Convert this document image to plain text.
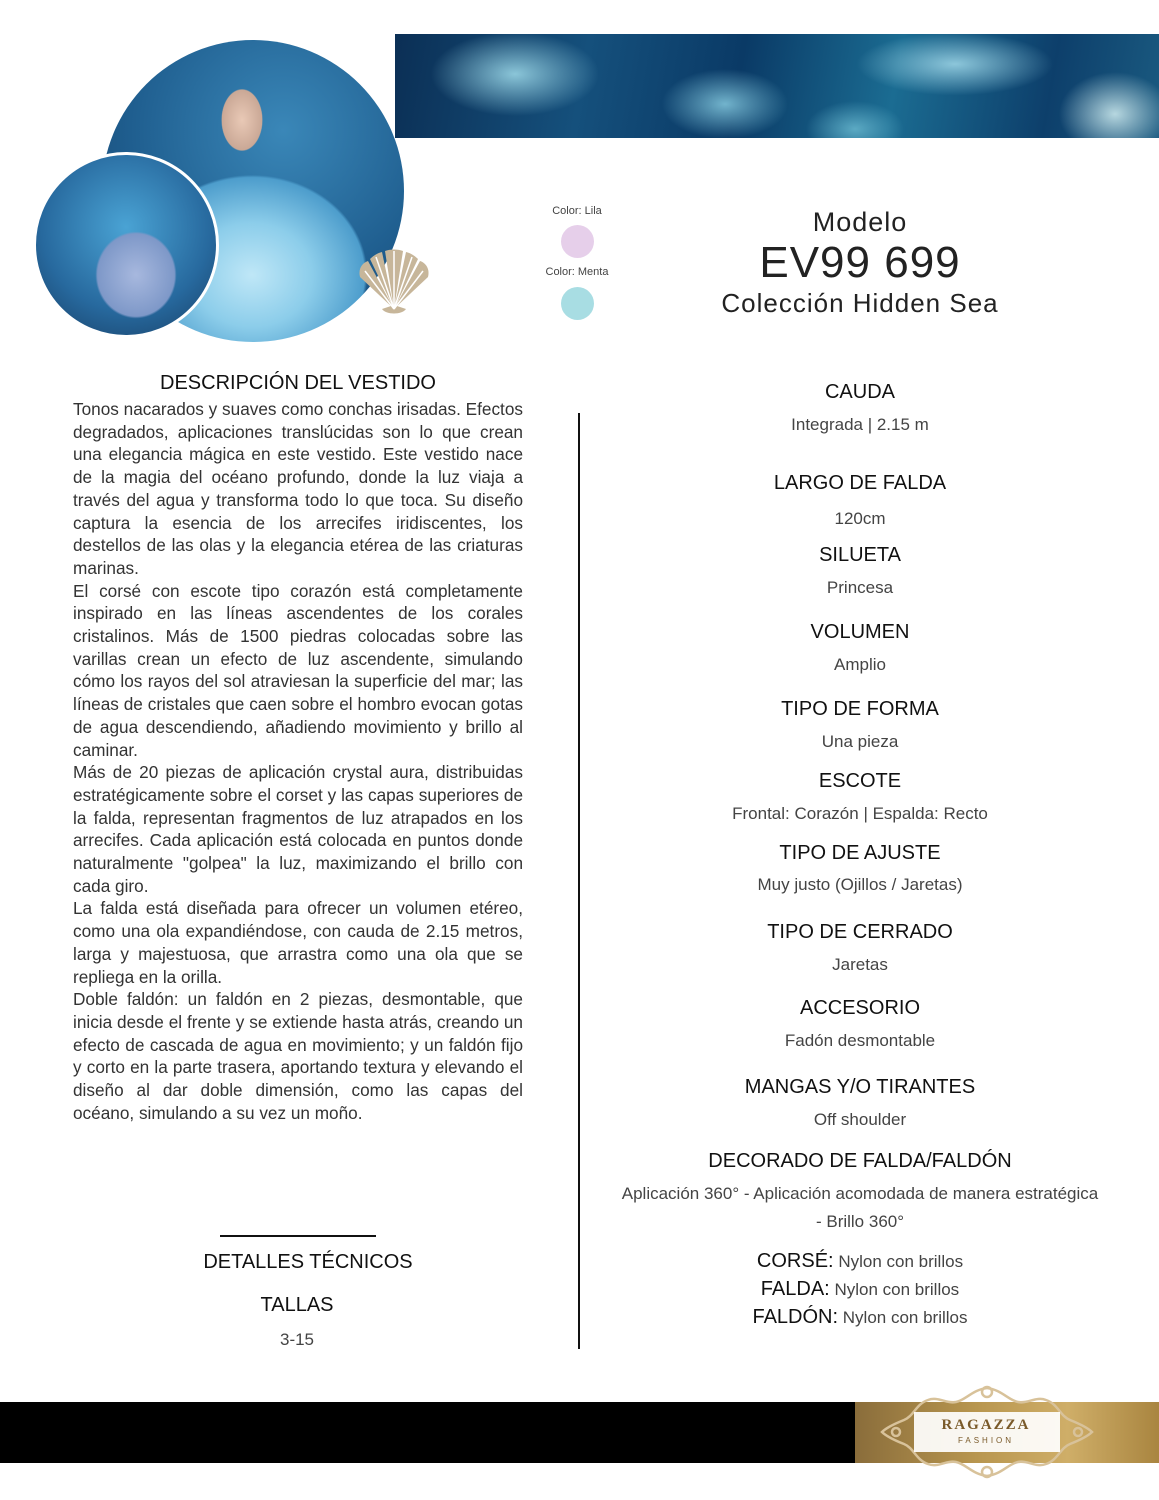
Color: Lila
Color: Menta
Modelo
EV99 699
Colección Hidden Sea
DESCRIPCIÓN DEL VESTIDO

Tonos nacarados y suaves como conchas irisadas. Efectos degradados, aplicaciones translúcidas son lo que crean una elegancia mágica en este vestido. Este vestido nace de la magia del océano profundo, donde la luz viaja a través del agua y transforma todo lo que toca. Su diseño captura la esencia de los arrecifes iridiscentes, los destellos de las olas y la elegancia etérea de las criaturas marinas.

El corsé con escote tipo corazón está completamente inspirado en las líneas ascendentes de los corales cristalinos. Más de 1500 piedras colocadas sobre las varillas crean un efecto de luz ascendente, simulando cómo los rayos del sol atraviesan la superficie del mar; las líneas de cristales que caen sobre el hombro evocan gotas de agua descendiendo, añadiendo movimiento y brillo al caminar.

Más de 20 piezas de aplicación crystal aura, distribuidas estratégicamente sobre el corset y las capas superiores de la falda, representan fragmentos de luz atrapados en los arrecifes. Cada aplicación está colocada en puntos donde naturalmente "golpea" la luz, maximizando el brillo con cada giro.

La falda está diseñada para ofrecer un volumen etéreo, como una ola expandiéndose, con cauda de 2.15 metros, larga y majestuosa, que arrastra como una ola que se repliega en la orilla.

Doble faldón: un faldón en 2 piezas, desmontable, que inicia desde el frente y se extiende hasta atrás, creando un efecto de cascada de agua en movimiento; y un faldón fijo y corto en la parte trasera, aportando textura y elevando el diseño al dar doble dimensión, como las capas del océano, simulando a su vez un moño.

DETALLES TÉCNICOS
TALLAS
3-15
CAUDA
Integrada | 2.15 m
LARGO DE FALDA
120cm
SILUETA
Princesa
VOLUMEN
Amplio
TIPO DE FORMA
Una pieza
ESCOTE
Frontal: Corazón | Espalda: Recto
TIPO DE AJUSTE
Muy justo (Ojillos / Jaretas)
TIPO DE CERRADO
Jaretas
ACCESORIO
Fadón desmontable
MANGAS Y/O TIRANTES
Off shoulder
DECORADO DE FALDA/FALDÓN
Aplicación 360° - Aplicación acomodada de manera estratégica - Brillo 360°
CORSÉ: Nylon con brillos
FALDA: Nylon con brillos
FALDÓN: Nylon con brillos
RAGAZZA
FASHION
